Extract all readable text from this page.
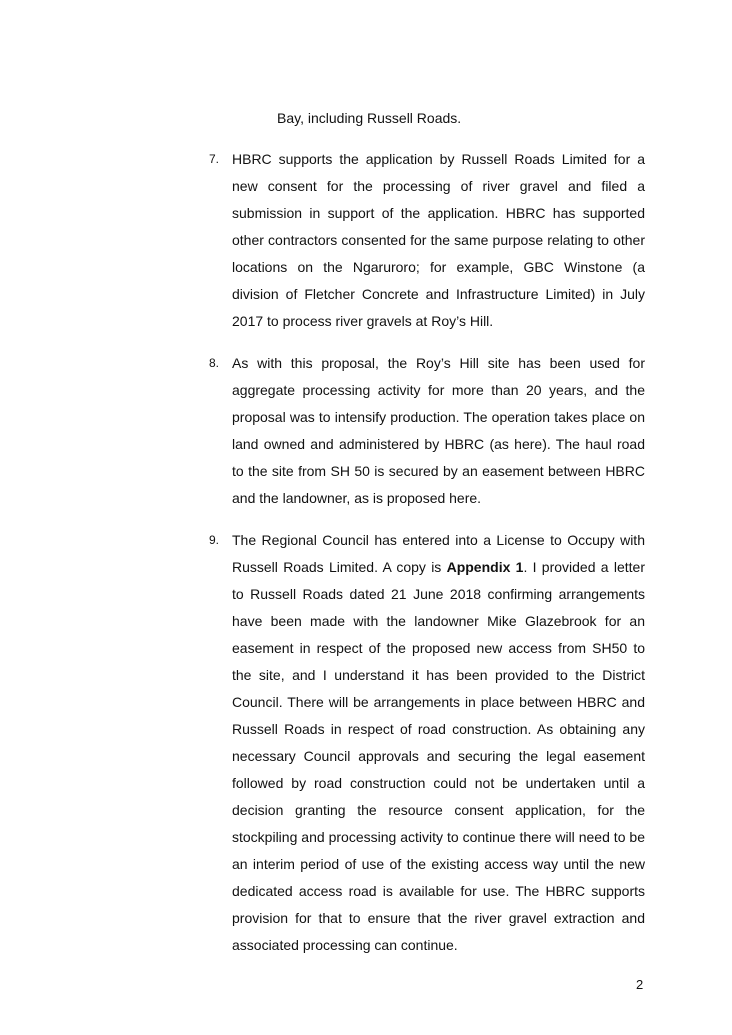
Bay, including Russell Roads.

7. HBRC supports the application by Russell Roads Limited for a new consent for the processing of river gravel and filed a submission in support of the application. HBRC has supported other contractors consented for the same purpose relating to other locations on the Ngaruroro; for example, GBC Winstone (a division of Fletcher Concrete and Infrastructure Limited) in July 2017 to process river gravels at Roy’s Hill.

8. As with this proposal, the Roy’s Hill site has been used for aggregate processing activity for more than 20 years, and the proposal was to intensify production. The operation takes place on land owned and administered by HBRC (as here). The haul road to the site from SH 50 is secured by an easement between HBRC and the landowner, as is proposed here.

9. The Regional Council has entered into a License to Occupy with Russell Roads Limited. A copy is Appendix 1. I provided a letter to Russell Roads dated 21 June 2018 confirming arrangements have been made with the landowner Mike Glazebrook for an easement in respect of the proposed new access from SH50 to the site, and I understand it has been provided to the District Council. There will be arrangements in place between HBRC and Russell Roads in respect of road construction. As obtaining any necessary Council approvals and securing the legal easement followed by road construction could not be undertaken until a decision granting the resource consent application, for the stockpiling and processing activity to continue there will need to be an interim period of use of the existing access way until the new dedicated access road is available for use. The HBRC supports provision for that to ensure that the river gravel extraction and associated processing can continue.

2
